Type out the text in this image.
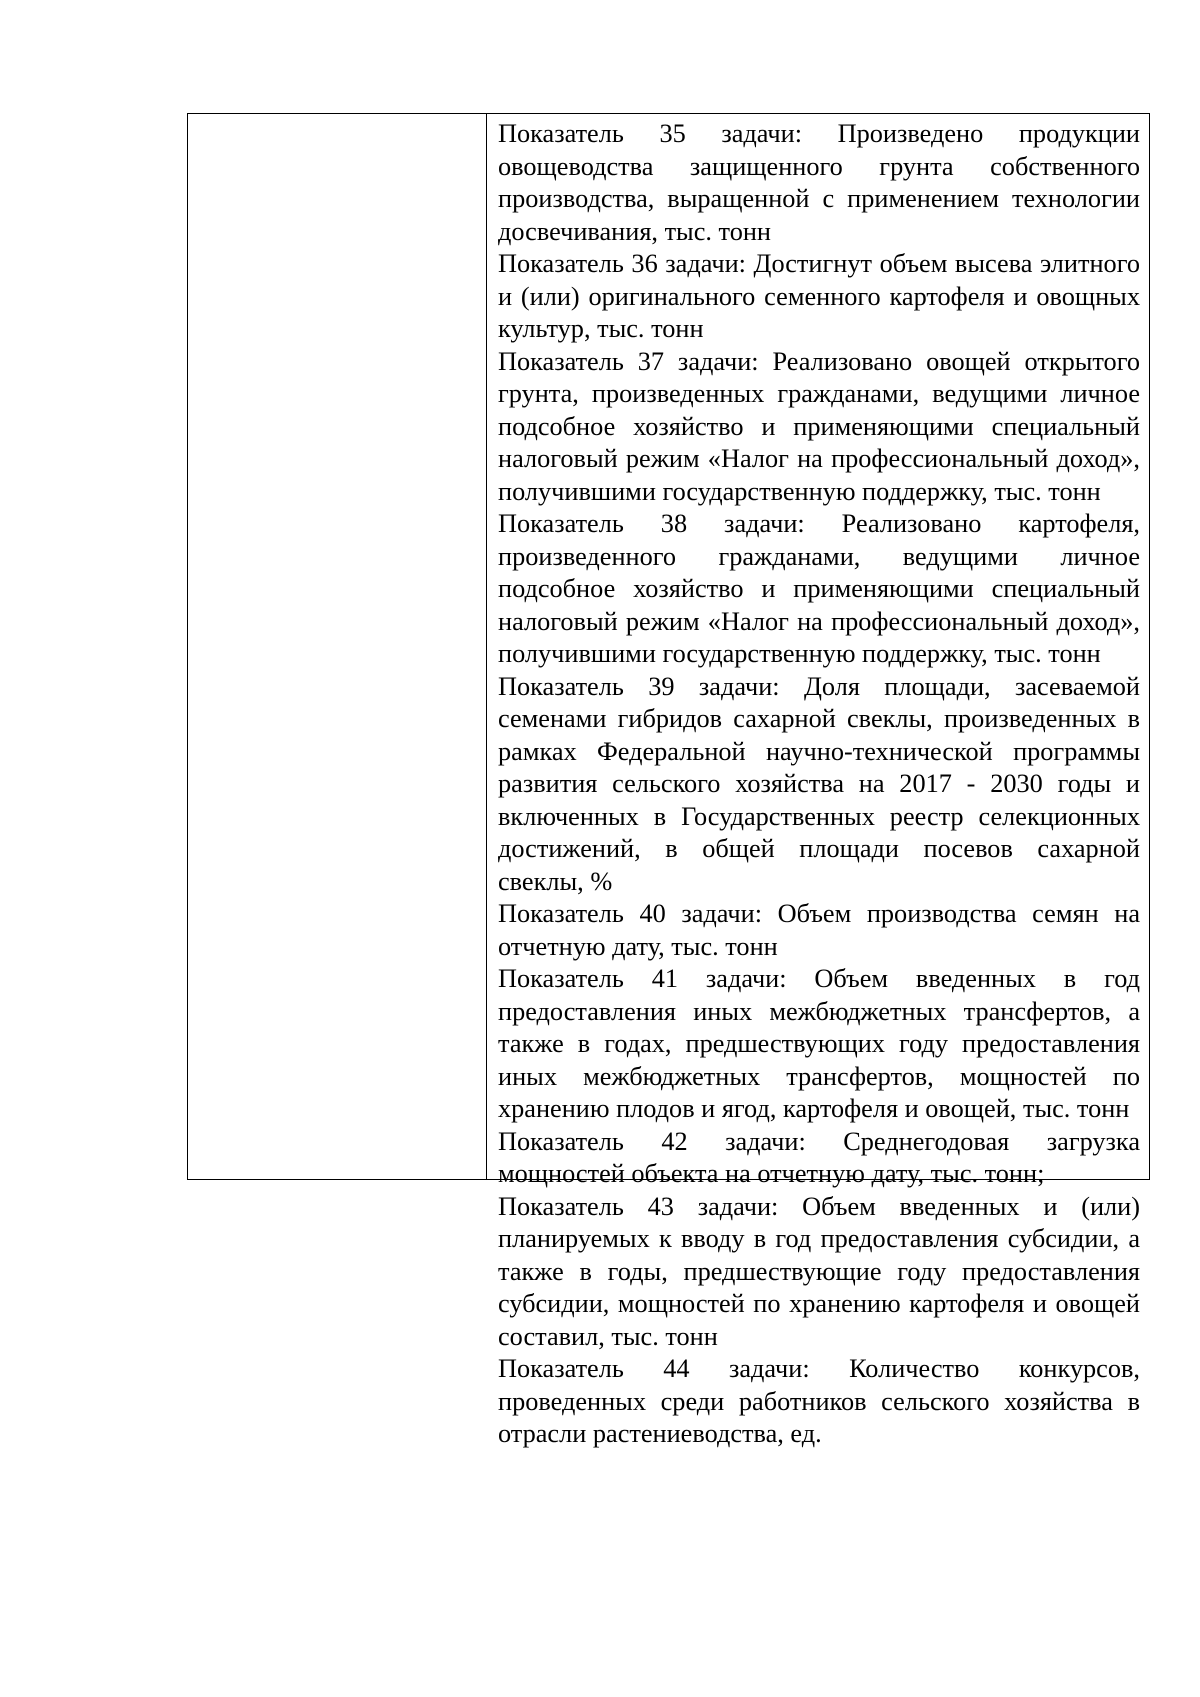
Показатель 35 задачи: Произведено продукции овощеводства защищенного грунта собственного производства, выращенной с применением технологии досвечивания, тыс. тонн

Показатель 36 задачи: Достигнут объем высева элитного и (или) оригинального семенного картофеля и овощных культур, тыс. тонн

Показатель 37 задачи: Реализовано овощей открытого грунта, произведенных гражданами, ведущими личное подсобное хозяйство и применяющими специальный налоговый режим «Налог на профессиональный доход», получившими государственную поддержку, тыс. тонн

Показатель 38 задачи: Реализовано картофеля, произведенного гражданами, ведущими личное подсобное хозяйство и применяющими специальный налоговый режим «Налог на профессиональный доход», получившими государственную поддержку, тыс. тонн

Показатель 39 задачи: Доля площади, засеваемой семенами гибридов сахарной свеклы, произведенных в рамках Федеральной научно-технической программы развития сельского хозяйства на 2017 - 2030 годы и включенных в Государственных реестр селекционных достижений, в общей площади посевов сахарной свеклы, %

Показатель 40 задачи: Объем производства семян на отчетную дату, тыс. тонн

Показатель 41 задачи: Объем введенных в год предоставления иных межбюджетных трансфертов, а также в годах, предшествующих году предоставления иных межбюджетных трансфертов, мощностей по хранению плодов и ягод, картофеля и овощей, тыс. тонн

Показатель 42 задачи: Среднегодовая загрузка мощностей объекта на отчетную дату, тыс. тонн;

Показатель 43 задачи: Объем введенных и (или) планируемых к вводу в год предоставления субсидии, а также в годы, предшествующие году предоставления субсидии, мощностей по хранению картофеля и овощей составил, тыс. тонн

Показатель 44 задачи: Количество конкурсов, проведенных среди работников сельского хозяйства в отрасли растениеводства, ед.
